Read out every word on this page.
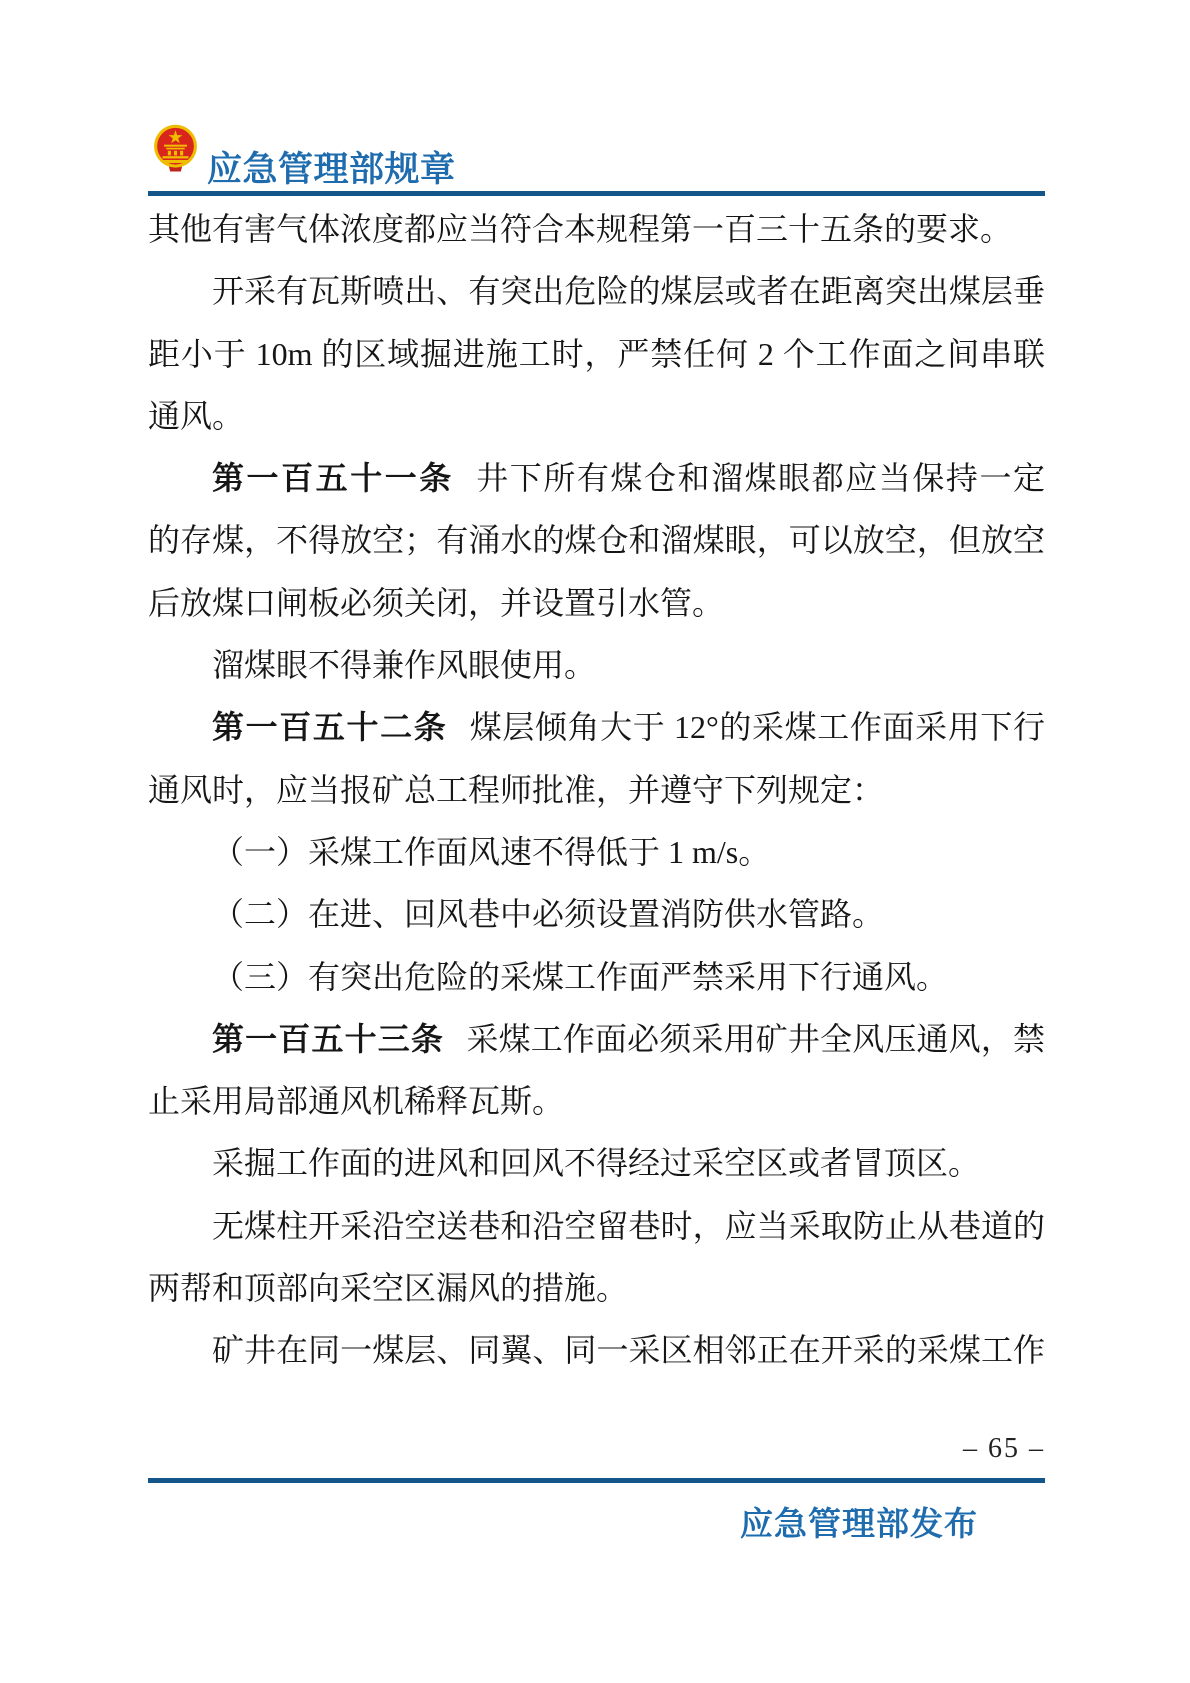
应急管理部规章
其他有害气体浓度都应当符合本规程第一百三十五条的要求。
开采有瓦斯喷出、有突出危险的煤层或者在距离突出煤层垂
距小于 10m 的区域掘进施工时，严禁任何 2 个工作面之间串联
通风。
第一百五十一条 井下所有煤仓和溜煤眼都应当保持一定
的存煤，不得放空；有涌水的煤仓和溜煤眼，可以放空，但放空
后放煤口闸板必须关闭，并设置引水管。
溜煤眼不得兼作风眼使用。
第一百五十二条 煤层倾角大于 12°的采煤工作面采用下行
通风时，应当报矿总工程师批准，并遵守下列规定：
（一）采煤工作面风速不得低于 1 m/s。
（二）在进、回风巷中必须设置消防供水管路。
（三）有突出危险的采煤工作面严禁采用下行通风。
第一百五十三条 采煤工作面必须采用矿井全风压通风，禁
止采用局部通风机稀释瓦斯。
采掘工作面的进风和回风不得经过采空区或者冒顶区。
无煤柱开采沿空送巷和沿空留巷时，应当采取防止从巷道的
两帮和顶部向采空区漏风的措施。
矿井在同一煤层、同翼、同一采区相邻正在开采的采煤工作
– 65 –
应急管理部发布
